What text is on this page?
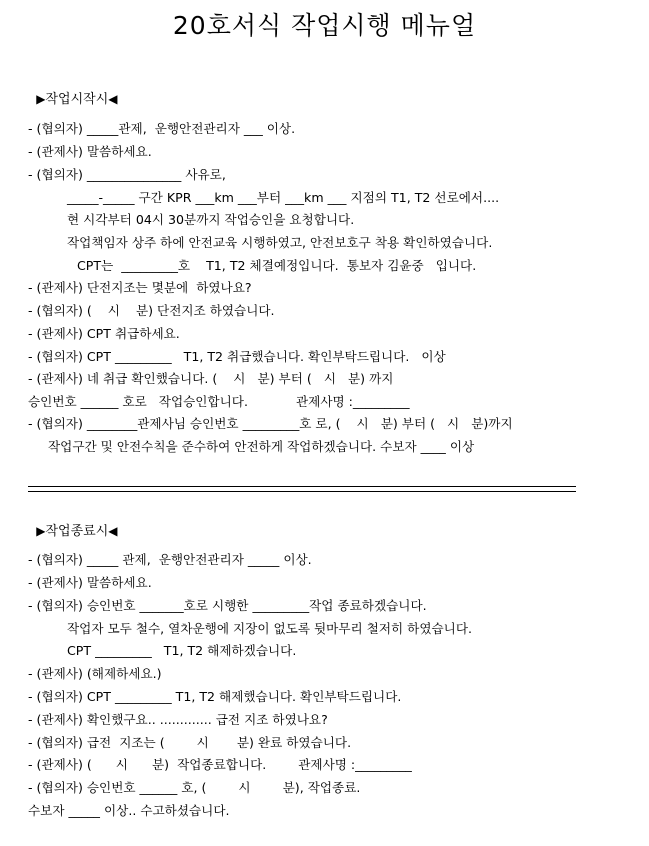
20호서식 작업시행 메뉴얼

▶작업시작시◀

- (협의자) _____관제,  운행안전관리자 ___ 이상.
- (관제사) 말씀하세요.
- (협의자) _______________ 사유로,
_____-_____ 구간 KPR ___km ___부터 ___km ___ 지점의 T1, T2 선로에서....
현 시각부터 04시 30분까지 작업승인을 요청합니다.
작업책임자 상주 하에 안전교육 시행하였고, 안전보호구 착용 확인하였습니다.
CPT는  _________호    T1, T2 체결예정입니다.  통보자 김윤중   입니다.
- (관제사) 단전지조는 몇분에  하였나요?
- (협의자) (    시    분) 단전지조 하였습니다.
- (관제사) CPT 취급하세요.
- (협의자) CPT _________   T1, T2 취급했습니다. 확인부탁드립니다.   이상
- (관제사) 네 취급 확인했습니다. (    시   분) 부터 (   시   분) 까지
승인번호 ______ 호로   작업승인합니다.            관제사명 :_________
- (협의자) ________관제사님 승인번호 _________호 로, (    시   분) 부터 (   시   분)까지
작업구간 및 안전수칙을 준수하여 안전하게 작업하겠습니다. 수보자 ____ 이상

▶작업종료시◀

- (협의자) _____ 관제,  운행안전관리자 _____ 이상.
- (관제사) 말씀하세요.
- (협의자) 승인번호 _______호로 시행한 _________작업 종료하겠습니다.
작업자 모두 철수, 열차운행에 지장이 없도록 뒷마무리 철저히 하였습니다.
CPT _________   T1, T2 해제하겠습니다.
- (관제사) (해제하세요.)
- (협의자) CPT _________ T1, T2 해제했습니다. 확인부탁드립니다.
- (관제사) 확인했구요.. ............. 급전 지조 하였나요?
- (협의자) 급전  지조는 (        시       분) 완료 하였습니다.
- (관제사) (      시      분)  작업종료합니다.        관제사명 :_________
- (협의자) 승인번호 ______ 호, (        시        분), 작업종료.
수보자 _____ 이상.. 수고하셨습니다.
